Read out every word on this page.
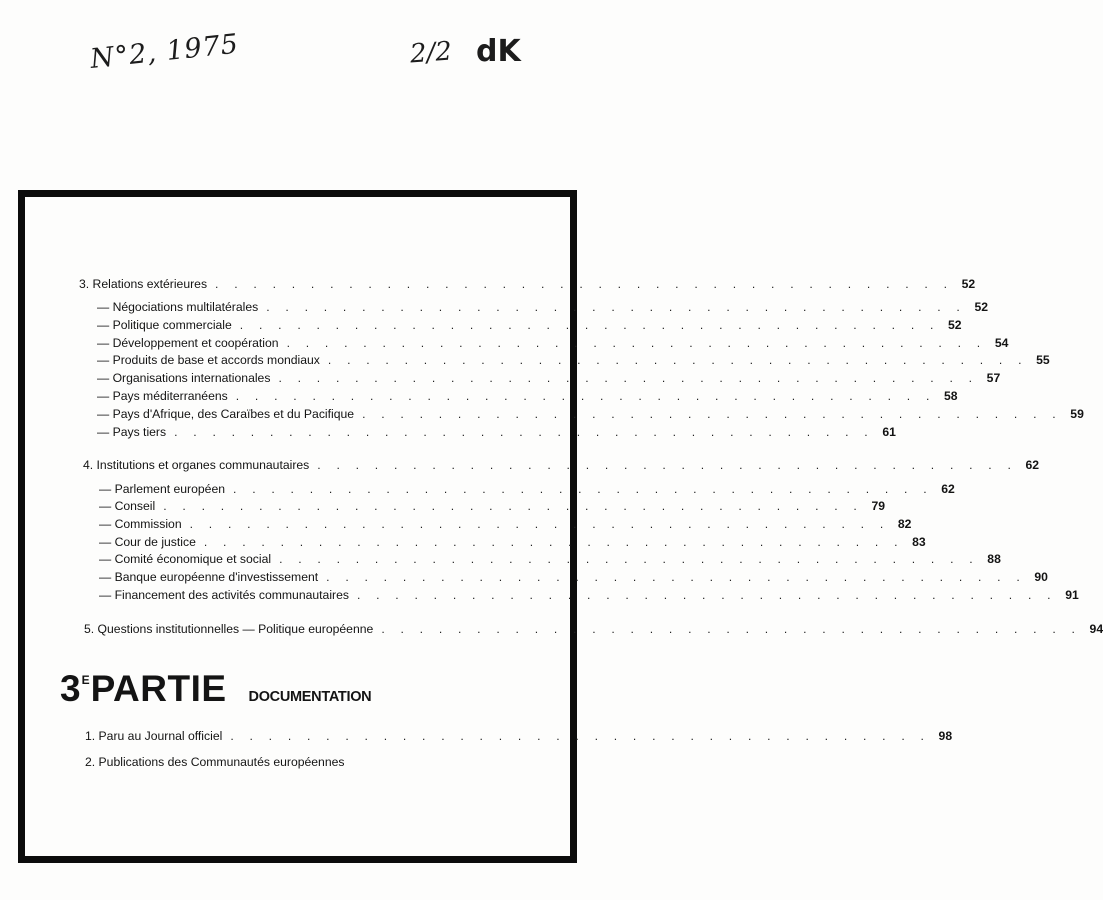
N°2, 1975	2/2 dK
3. Relations extérieures . . . . . . . . . . . . . . . . . . . . . . . . . . . . . . . . . . . . . . . 52
— Négociations multilatérales . . . . . . . . . . . . . . . . . . . . . . . . . . . . . . . . . . . . . 52
— Politique commerciale . . . . . . . . . . . . . . . . . . . . . . . . . . . . . . . . . . . . . 52
— Développement et coopération . . . . . . . . . . . . . . . . . . . . . . . . . . . . . . . . . . . . . 54
— Produits de base et accords mondiaux . . . . . . . . . . . . . . . . . . . . . . . . . . . . . . . . . . . . . 55
— Organisations internationales . . . . . . . . . . . . . . . . . . . . . . . . . . . . . . . . . . . . . 57
— Pays méditerranéens . . . . . . . . . . . . . . . . . . . . . . . . . . . . . . . . . . . . . 58
— Pays d'Afrique, des Caraïbes et du Pacifique . . . . . . . . . . . . . . . . . . . . . . . . . . . . . . . . . . . . . 59
— Pays tiers . . . . . . . . . . . . . . . . . . . . . . . . . . . . . . . . . . . . . 61
4. Institutions et organes communautaires . . . . . . . . . . . . . . . . . . . . . . . . . . . . . . . . . . . . . 62
— Parlement européen . . . . . . . . . . . . . . . . . . . . . . . . . . . . . . . . . . . . . 62
— Conseil . . . . . . . . . . . . . . . . . . . . . . . . . . . . . . . . . . . . . 79
— Commission . . . . . . . . . . . . . . . . . . . . . . . . . . . . . . . . . . . . . 82
— Cour de justice . . . . . . . . . . . . . . . . . . . . . . . . . . . . . . . . . . . . . 83
— Comité économique et social . . . . . . . . . . . . . . . . . . . . . . . . . . . . . . . . . . . . . 88
— Banque européenne d'investissement . . . . . . . . . . . . . . . . . . . . . . . . . . . . . . . . . . . . . 90
— Financement des activités communautaires . . . . . . . . . . . . . . . . . . . . . . . . . . . . . . . . . . . . . 91
5. Questions institutionnelles — Politique européenne . . . . . . . . . . . . . . . . . . . . . . . . . . . . . . . . . . . . . 94
3 E PARTIE DOCUMENTATION
1. Paru au Journal officiel . . . . . . . . . . . . . . . . . . . . . . . . . . . . . . . . . . . . . 98
2. Publications des Communautés européennes
